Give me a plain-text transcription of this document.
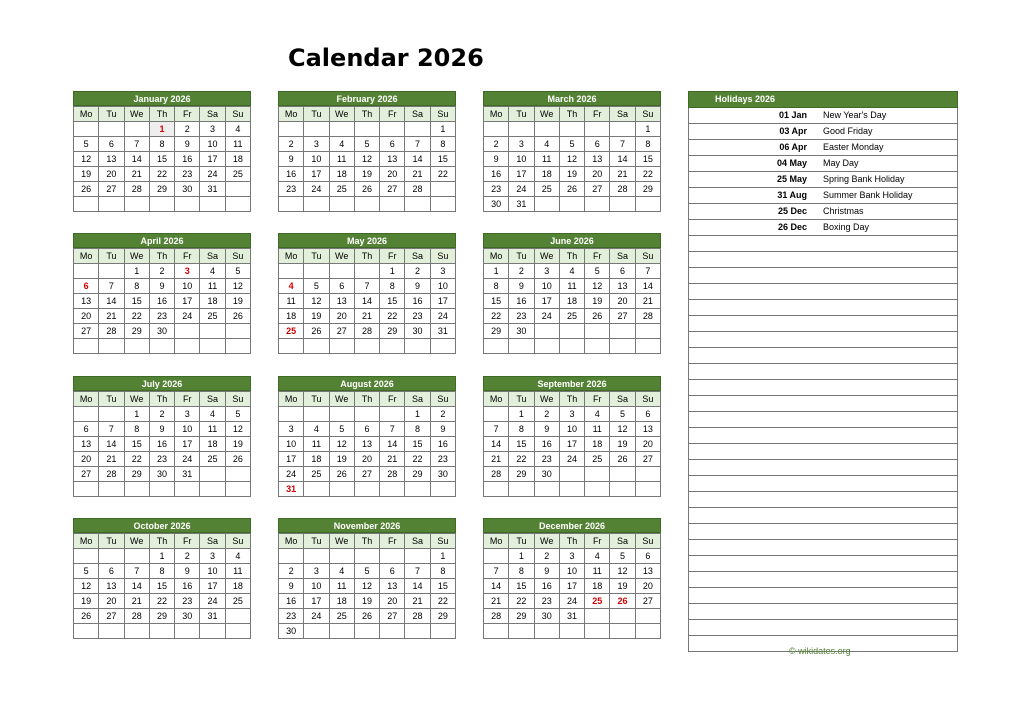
Calendar 2026
January 2026
Mo	Tu	We	Th	Fr	Sa	Su
			1	2	3	4
5	6	7	8	9	10	11
12	13	14	15	16	17	18
19	20	21	22	23	24	25
26	27	28	29	30	31	

February 2026
Mo	Tu	We	Th	Fr	Sa	Su
						1
2	3	4	5	6	7	8
9	10	11	12	13	14	15
16	17	18	19	20	21	22
23	24	25	26	27	28	

March 2026
Mo	Tu	We	Th	Fr	Sa	Su
						1
2	3	4	5	6	7	8
9	10	11	12	13	14	15
16	17	18	19	20	21	22
23	24	25	26	27	28	29
30	31					
April 2026
Mo	Tu	We	Th	Fr	Sa	Su
		1	2	3	4	5
6	7	8	9	10	11	12
13	14	15	16	17	18	19
20	21	22	23	24	25	26
27	28	29	30			

May 2026
Mo	Tu	We	Th	Fr	Sa	Su
				1	2	3
4	5	6	7	8	9	10
11	12	13	14	15	16	17
18	19	20	21	22	23	24
25	26	27	28	29	30	31

June 2026
Mo	Tu	We	Th	Fr	Sa	Su
1	2	3	4	5	6	7
8	9	10	11	12	13	14
15	16	17	18	19	20	21
22	23	24	25	26	27	28
29	30					

July 2026
Mo	Tu	We	Th	Fr	Sa	Su
		1	2	3	4	5
6	7	8	9	10	11	12
13	14	15	16	17	18	19
20	21	22	23	24	25	26
27	28	29	30	31		

August 2026
Mo	Tu	We	Th	Fr	Sa	Su
					1	2
3	4	5	6	7	8	9
10	11	12	13	14	15	16
17	18	19	20	21	22	23
24	25	26	27	28	29	30
31						
September 2026
Mo	Tu	We	Th	Fr	Sa	Su
	1	2	3	4	5	6
7	8	9	10	11	12	13
14	15	16	17	18	19	20
21	22	23	24	25	26	27
28	29	30				

October 2026
Mo	Tu	We	Th	Fr	Sa	Su
			1	2	3	4
5	6	7	8	9	10	11
12	13	14	15	16	17	18
19	20	21	22	23	24	25
26	27	28	29	30	31	

November 2026
Mo	Tu	We	Th	Fr	Sa	Su
						1
2	3	4	5	6	7	8
9	10	11	12	13	14	15
16	17	18	19	20	21	22
23	24	25	26	27	28	29
30						
December 2026
Mo	Tu	We	Th	Fr	Sa	Su
	1	2	3	4	5	6
7	8	9	10	11	12	13
14	15	16	17	18	19	20
21	22	23	24	25	26	27
28	29	30	31			

Holidays 2026	
01 Jan	New Year's Day
03 Apr	Good Friday
06 Apr	Easter Monday
04 May	May Day
25 May	Spring Bank Holiday
31 Aug	Summer Bank Holiday
25 Dec	Christmas
26 Dec	Boxing Day

© wikidates.org
